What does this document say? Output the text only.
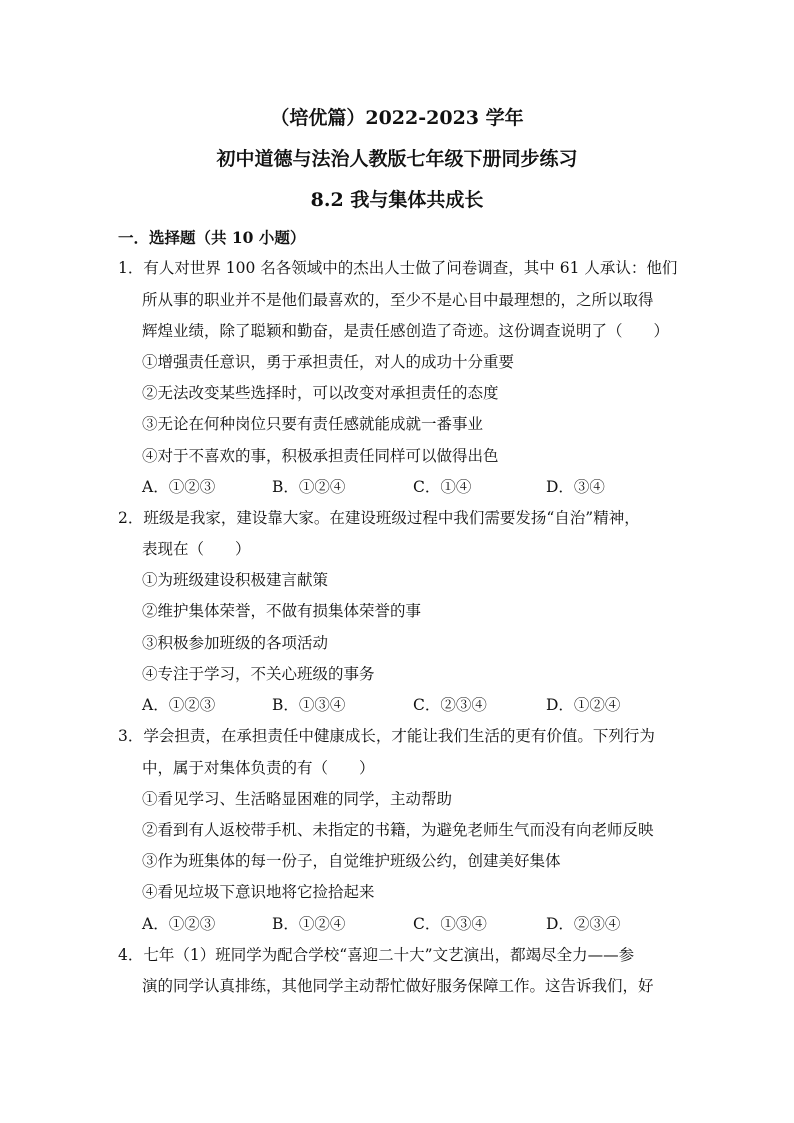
（培优篇）2022-2023 学年
初中道德与法治人教版七年级下册同步练习
8.2 我与集体共成长
一．选择题（共 10 小题）
1．有人对世界 100 名各领域中的杰出人士做了问卷调查，其中 61 人承认：他们
所从事的职业并不是他们最喜欢的，至少不是心目中最理想的，之所以取得
辉煌业绩，除了聪颖和勤奋，是责任感创造了奇迹。这份调查说明了（　　）
①增强责任意识，勇于承担责任，对人的成功十分重要
②无法改变某些选择时，可以改变对承担责任的态度
③无论在何种岗位只要有责任感就能成就一番事业
④对于不喜欢的事，积极承担责任同样可以做得出色
A．①②③	B．①②④	C．①④	D．③④
2．班级是我家，建设靠大家。在建设班级过程中我们需要发扬“自治”精神，
表现在（　　）
①为班级建设积极建言献策
②维护集体荣誉，不做有损集体荣誉的事
③积极参加班级的各项活动
④专注于学习，不关心班级的事务
A．①②③	B．①③④	C．②③④	D．①②④
3．学会担责，在承担责任中健康成长，才能让我们生活的更有价值。下列行为
中，属于对集体负责的有（　　）
①看见学习、生活略显困难的同学，主动帮助
②看到有人返校带手机、未指定的书籍，为避免老师生气而没有向老师反映
③作为班集体的每一份子，自觉维护班级公约，创建美好集体
④看见垃圾下意识地将它捡拾起来
A．①②③	B．①②④	C．①③④	D．②③④
4．七年（1）班同学为配合学校“喜迎二十大”文艺演出，都竭尽全力——参
演的同学认真排练，其他同学主动帮忙做好服务保障工作。这告诉我们，好
